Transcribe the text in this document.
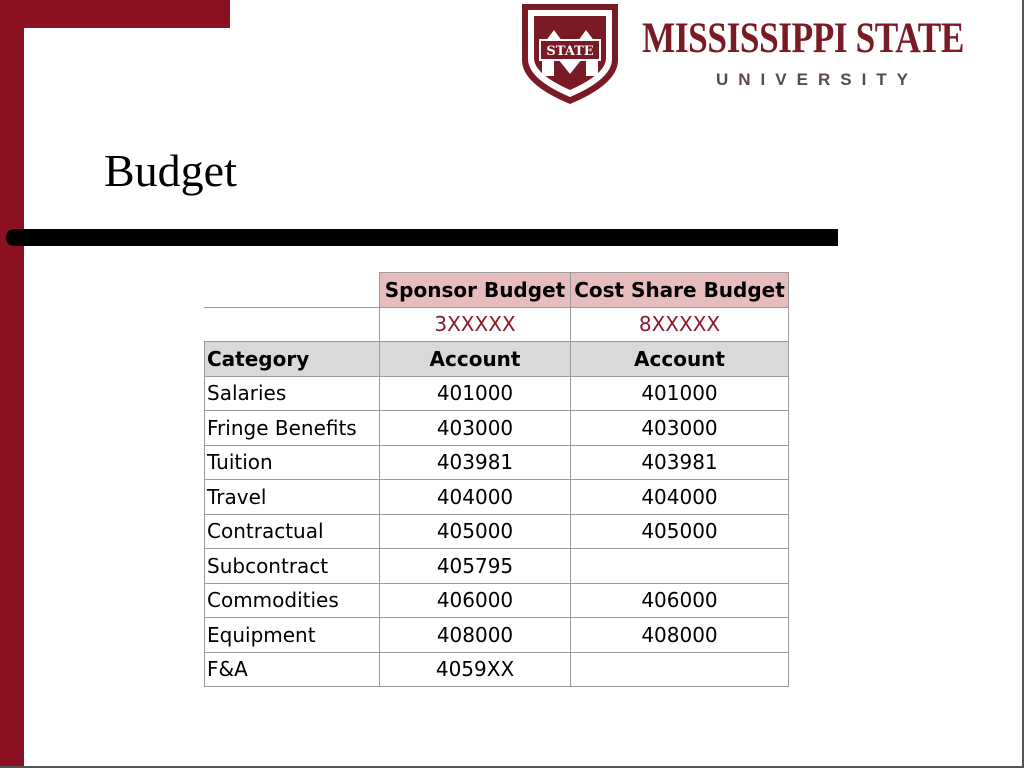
STATE MISSISSIPPI STATE
UNIVERSITY
Budget
	Sponsor Budget	Cost Share Budget
	3XXXXX	8XXXXX
Category	Account	Account
Salaries	401000	401000
Fringe Benefits	403000	403000
Tuition	403981	403981
Travel	404000	404000
Contractual	405000	405000
Subcontract	405795	
Commodities	406000	406000
Equipment	408000	408000
F&A	4059XX	
